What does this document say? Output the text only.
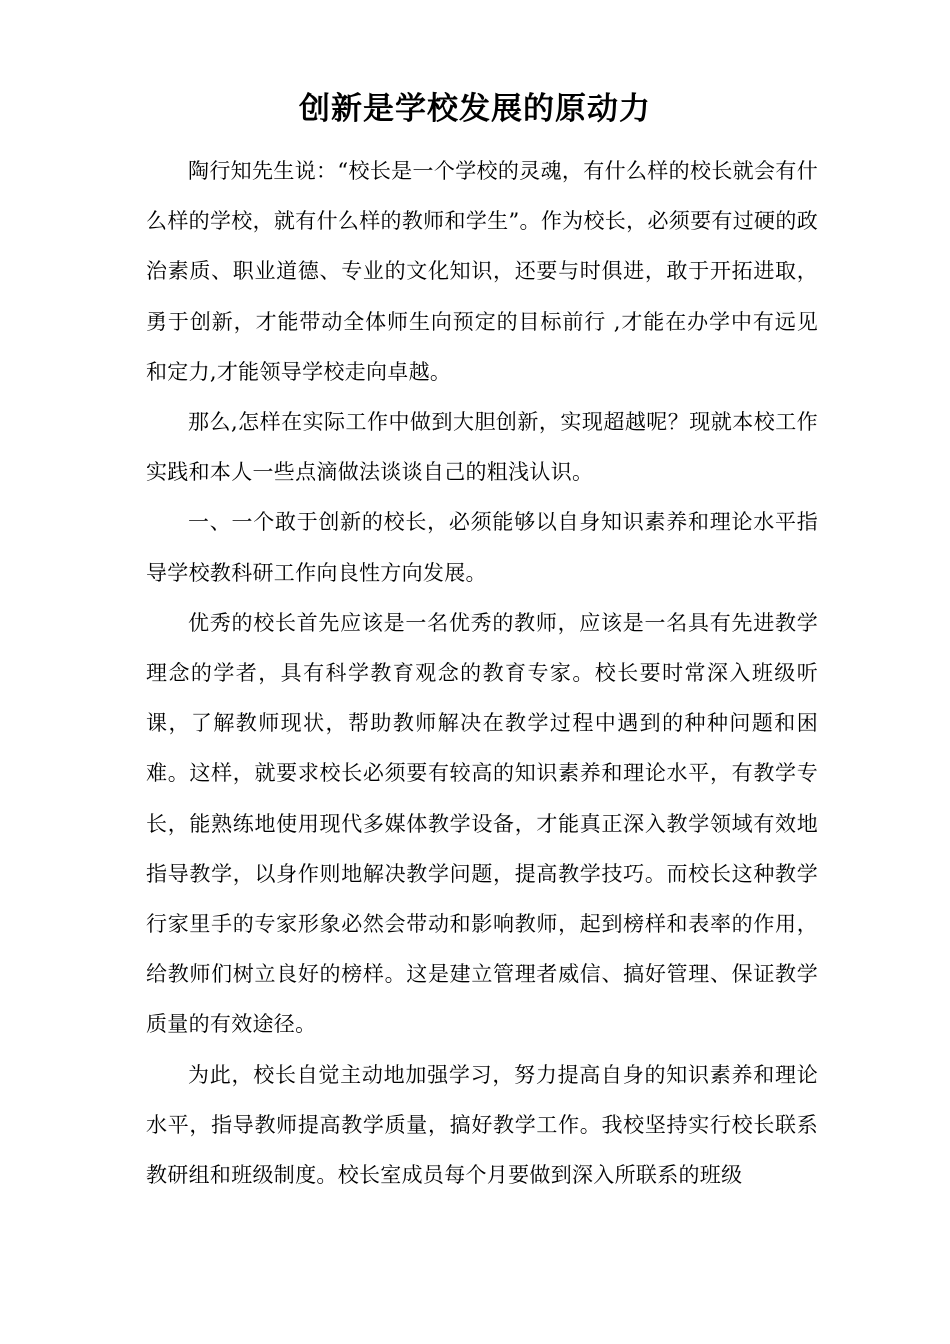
创新是学校发展的原动力

陶行知先生说：“校长是一个学校的灵魂，有什么样的校长就会有什么样的学校，就有什么样的教师和学生”。作为校长，必须要有过硬的政治素质、职业道德、专业的文化知识，还要与时俱进，敢于开拓进取，勇于创新，才能带动全体师生向预定的目标前行 ,才能在办学中有远见和定力,才能领导学校走向卓越。

那么,怎样在实际工作中做到大胆创新，实现超越呢？现就本校工作实践和本人一些点滴做法谈谈自己的粗浅认识。

一、一个敢于创新的校长，必须能够以自身知识素养和理论水平指导学校教科研工作向良性方向发展。

优秀的校长首先应该是一名优秀的教师，应该是一名具有先进教学理念的学者，具有科学教育观念的教育专家。校长要时常深入班级听课，了解教师现状，帮助教师解决在教学过程中遇到的种种问题和困难。这样，就要求校长必须要有较高的知识素养和理论水平，有教学专长，能熟练地使用现代多媒体教学设备，才能真正深入教学领域有效地指导教学，以身作则地解决教学问题，提高教学技巧。而校长这种教学行家里手的专家形象必然会带动和影响教师，起到榜样和表率的作用，给教师们树立良好的榜样。这是建立管理者威信、搞好管理、保证教学质量的有效途径。

为此，校长自觉主动地加强学习，努力提高自身的知识素养和理论水平，指导教师提高教学质量，搞好教学工作。我校坚持实行校长联系教研组和班级制度。校长室成员每个月要做到深入所联系的班级
